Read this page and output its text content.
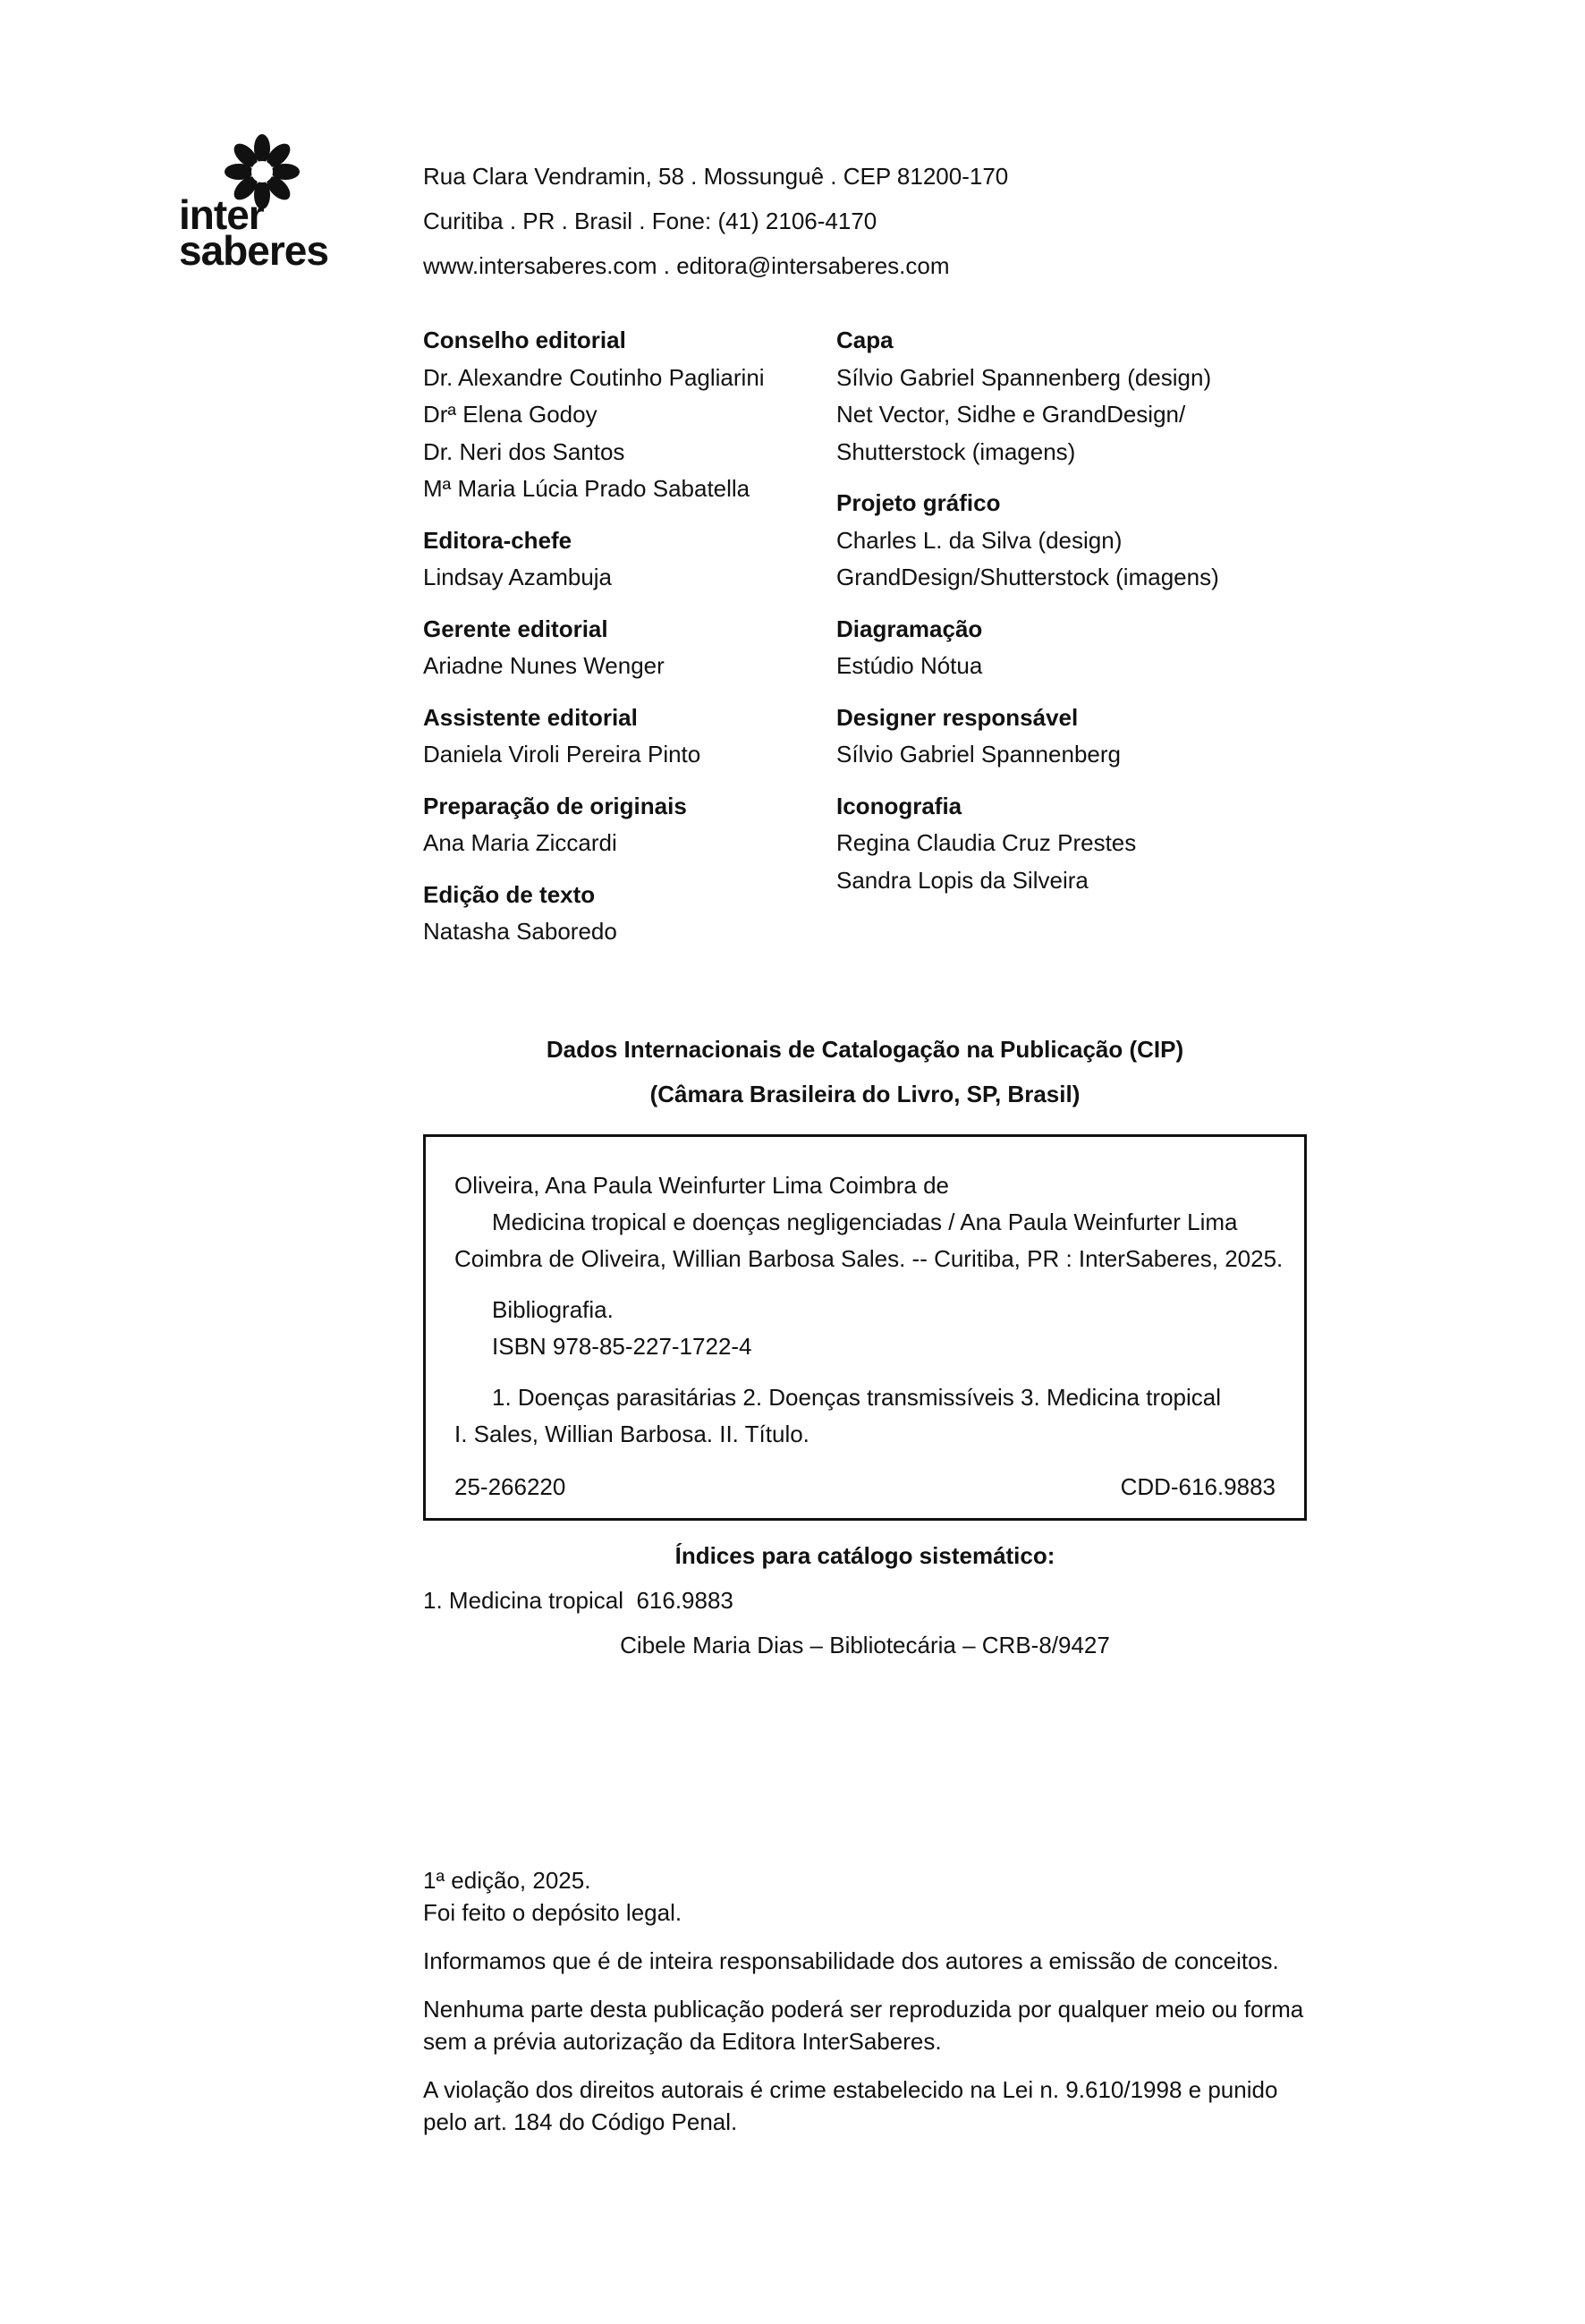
inter
saberes
Rua Clara Vendramin, 58 . Mossunguê . CEP 81200-170
Curitiba . PR . Brasil . Fone: (41) 2106-4170
www.intersaberes.com . editora@intersaberes.com
Conselho editorial
Dr. Alexandre Coutinho Pagliarini
Drª Elena Godoy
Dr. Neri dos Santos
Mª Maria Lúcia Prado Sabatella
Editora-chefe
Lindsay Azambuja
Gerente editorial
Ariadne Nunes Wenger
Assistente editorial
Daniela Viroli Pereira Pinto
Preparação de originais
Ana Maria Ziccardi
Edição de texto
Natasha Saboredo
Capa
Sílvio Gabriel Spannenberg (design)
Net Vector, Sidhe e GrandDesign/
Shutterstock (imagens)
Projeto gráfico
Charles L. da Silva (design)
GrandDesign/Shutterstock (imagens)
Diagramação
Estúdio Nótua
Designer responsável
Sílvio Gabriel Spannenberg
Iconografia
Regina Claudia Cruz Prestes
Sandra Lopis da Silveira
Dados Internacionais de Catalogação na Publicação (CIP)
(Câmara Brasileira do Livro, SP, Brasil)
Oliveira, Ana Paula Weinfurter Lima Coimbra de
Medicina tropical e doenças negligenciadas / Ana Paula Weinfurter Lima
Coimbra de Oliveira, Willian Barbosa Sales. -- Curitiba, PR : InterSaberes, 2025.
Bibliografia.
ISBN 978-85-227-1722-4
1. Doenças parasitárias 2. Doenças transmissíveis 3. Medicina tropical
I. Sales, Willian Barbosa. II. Título.
25-266220	CDD-616.9883
Índices para catálogo sistemático:
1. Medicina tropical  616.9883
Cibele Maria Dias – Bibliotecária – CRB-8/9427

1ª edição, 2025.

Foi feito o depósito legal.

Informamos que é de inteira responsabilidade dos autores a emissão de conceitos.

Nenhuma parte desta publicação poderá ser reproduzida por qualquer meio ou forma sem a prévia autorização da Editora InterSaberes.

A violação dos direitos autorais é crime estabelecido na Lei n. 9.610/1998 e punido pelo art. 184 do Código Penal.
